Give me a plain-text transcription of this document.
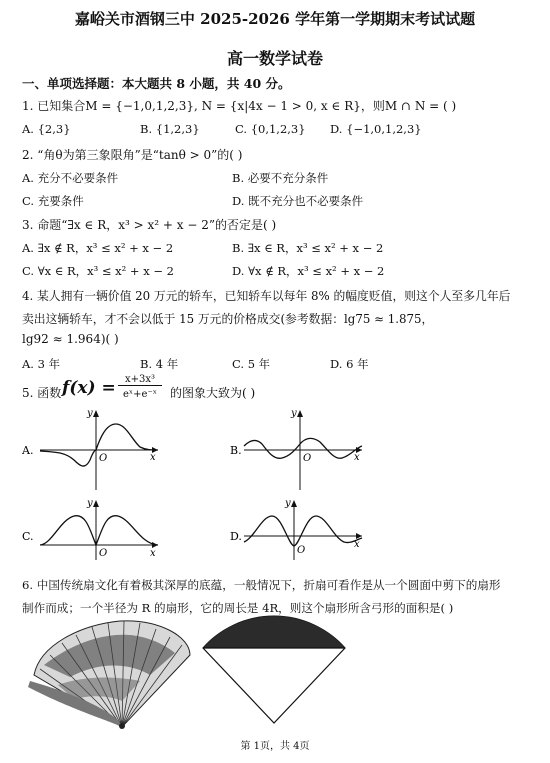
嘉峪关市酒钢三中 2025-2026 学年第一学期期末考试试题
高一数学试卷
一、单项选择题：本大题共 8 小题，共 40 分。
1. 已知集合M = {−1,0,1,2,3}, N = {x|4x − 1 > 0, x ∈ R}，则M ∩ N = ( )
A. {2,3}	B. {1,2,3}	C. {0,1,2,3} D. {−1,0,1,2,3}
2. “角θ为第三象限角”是“tanθ > 0”的( )
A. 充分不必要条件	B. 必要不充分条件
C. 充要条件	D. 既不充分也不必要条件
3. 命题“∃x ∈ R，x³ > x² + x − 2”的否定是( )
A. ∃x ∉ R，x³ ≤ x² + x − 2	B. ∃x ∈ R，x³ ≤ x² + x − 2
C. ∀x ∈ R，x³ ≤ x² + x − 2	D. ∀x ∉ R，x³ ≤ x² + x − 2
4. 某人拥有一辆价值 20 万元的轿车，已知轿车以每年 8% 的幅度贬值，则这个人至多几年后
卖出这辆轿车，才不会以低于 15 万元的价格成交(参考数据：lg75 ≈ 1.875，
lg92 ≈ 1.964)( )
A. 3 年	B. 4 年	C. 5 年	D. 6 年
5. 函数 f(x) = x+3x³
eˣ+e⁻ˣ	的图象大致为( )
A.
x
y
O
B.
x
y
O
C.
x
y
O
D.
x
y
O
6. 中国传统扇文化有着极其深厚的底蕴，一般情况下，折扇可看作是从一个圆面中剪下的扇形
制作而成；一个半径为 R 的扇形，它的周长是 4R，则这个扇形所含弓形的面积是( )
第 1页，共 4页
